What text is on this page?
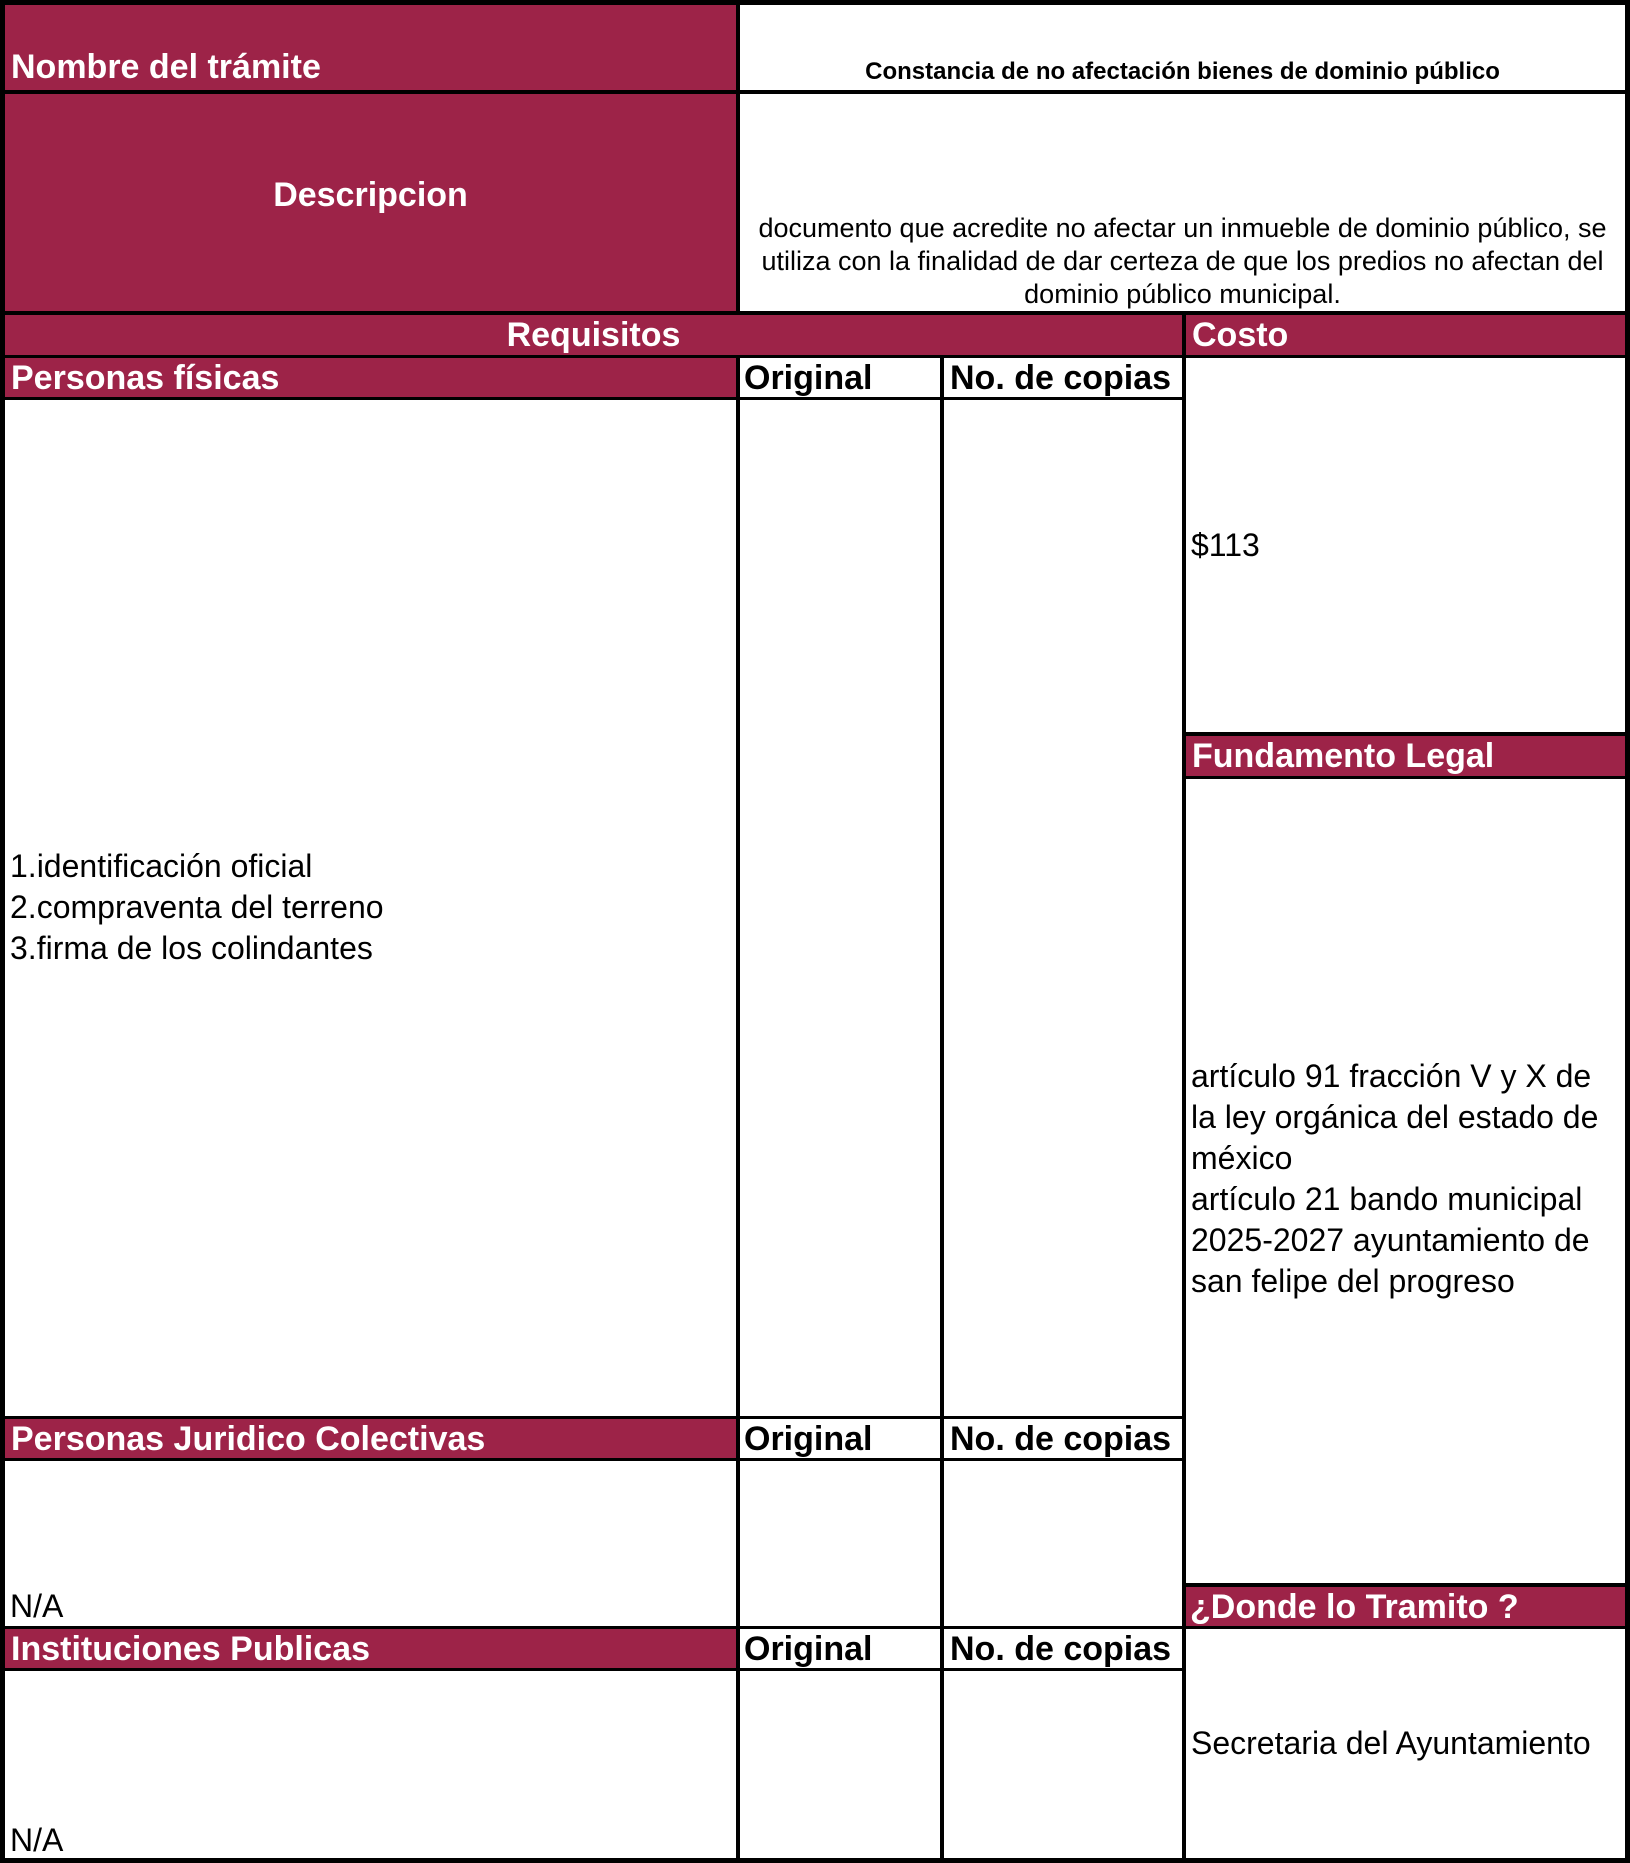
Nombre del trámite
Descripcion
Requisitos	Costo
Personas físicas
Fundamento Legal
Personas Juridico Colectivas
¿Donde lo Tramito ?
Instituciones Publicas
Constancia de no afectación bienes de dominio público
documento que acredite no afectar un inmueble de dominio público, se utiliza con la finalidad de dar certeza de que los predios no afectan del dominio público municipal.
Original No. de copias
Original No. de copias
Original No. de copias
1.identificación oficial
2.compraventa del terreno
3.firma de los colindantes
$113
artículo 91 fracción V y X de
la ley orgánica del estado de
méxico
artículo 21 bando municipal
2025-2027 ayuntamiento de
san felipe del progreso
N/A
N/A
Secretaria del Ayuntamiento
